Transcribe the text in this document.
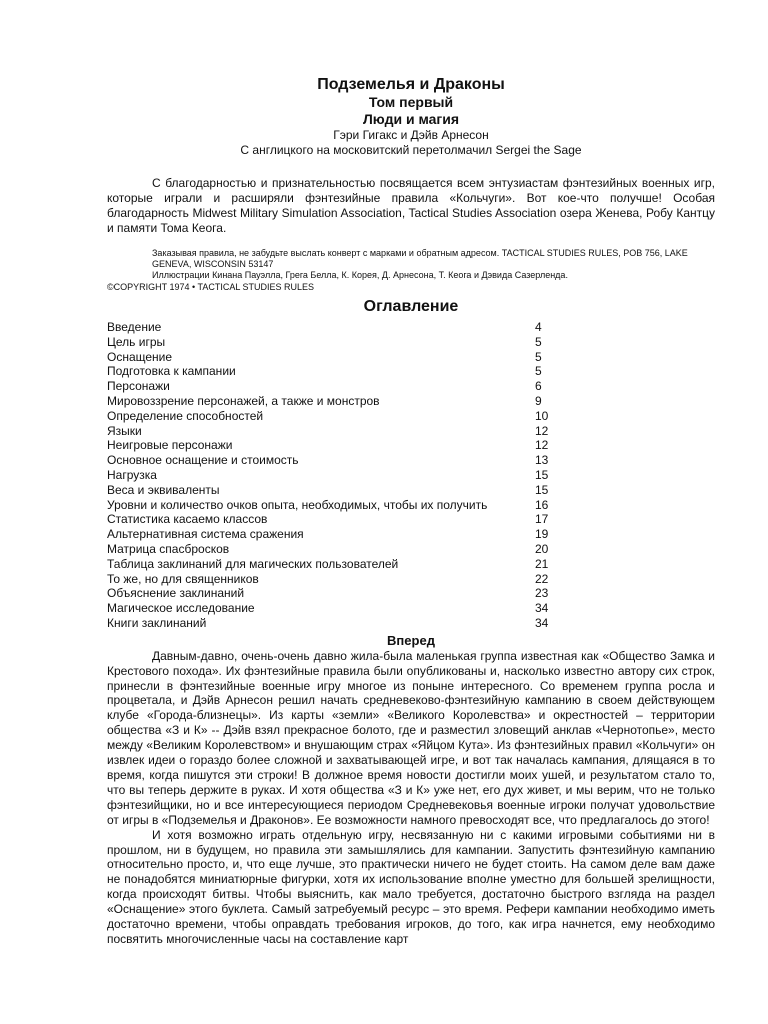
Подземелья и Драконы

Том первый

Люди и магия

Гэри Гигакс и Дэйв Арнесон

С англицкого на московитский перетолмачил Sergei the Sage

С благодарностью и признательностью посвящается всем энтузиастам фэнтезийных военных игр, которые играли и расширяли фэнтезийные правила «Кольчуги». Вот кое-что получше! Особая благодарность Midwest Military Simulation Association, Tactical Studies Association озера Женева, Робу Кантцу и памяти Тома Кеога.

Заказывая правила, не забудьте выслать конверт с марками и обратным адресом. TACTICAL STUDIES RULES, POB 756, LAKE GENEVA, WISCONSIN 53147

Иллюстрации Кинана Пауэлла, Грега Белла, К. Корея, Д. Арнесона, Т. Кеога и Дэвида Сазерленда.

©COPYRIGHT 1974 • TACTICAL STUDIES RULES

Оглавление

Введение	4
Цель игры	5
Оснащение	5
Подготовка к кампании	5
Персонажи	6
Мировоззрение персонажей, а также и монстров	9
Определение способностей	10
Языки	12
Неигровые персонажи	12
Основное оснащение и стоимость	13
Нагрузка	15
Веса и эквиваленты	15
Уровни и количество очков опыта, необходимых, чтобы их получить	16
Статистика касаемо классов	17
Альтернативная система сражения	19
Матрица спасбросков	20
Таблица заклинаний для магических пользователей	21
То же, но для священников	22
Объяснение заклинаний	23
Магическое исследование	34
Книги заклинаний	34

Вперед

Давным-давно, очень-очень давно жила-была маленькая группа известная как «Общество Замка и Крестового похода». Их фэнтезийные правила были опубликованы и, насколько известно автору сих строк, принесли в фэнтезийные военные игру многое из поныне интересного. Со временем группа росла и процветала, и Дэйв Арнесон решил начать средневеково-фэнтезийную кампанию в своем действующем клубе «Города-близнецы». Из карты «земли» «Великого Королевства» и окрестностей – территории общества «З и К» -- Дэйв взял прекрасное болото, где и разместил зловещий анклав «Чернотопье», место между «Великим Королевством» и внушающим страх «Яйцом Кута». Из фэнтезийных правил «Кольчуги» он извлек идеи о гораздо более сложной и захватывающей игре, и вот так началась кампания, длящаяся в то время, когда пишутся эти строки! В должное время новости достигли моих ушей, и результатом стало то, что вы теперь держите в руках. И хотя общества «З и К» уже нет, его дух живет, и мы верим, что не только фэнтезийщики, но и все интересующиеся периодом Средневековья военные игроки получат удовольствие от игры в «Подземелья и Драконов». Ее возможности намного превосходят все, что предлагалось до этого!

И хотя возможно играть отдельную игру, несвязанную ни с какими игровыми событиями ни в прошлом, ни в будущем, но правила эти замышлялись для кампании. Запустить фэнтезийную кампанию относительно просто, и, что еще лучше, это практически ничего не будет стоить. На самом деле вам даже не понадобятся миниатюрные фигурки, хотя их использование вполне уместно для большей зрелищности, когда происходят битвы. Чтобы выяснить, как мало требуется, достаточно быстрого взгляда на раздел «Оснащение» этого буклета. Самый затребуемый ресурс – это время. Рефери кампании необходимо иметь достаточно времени, чтобы оправдать требования игроков, до того, как игра начнется, ему необходимо посвятить многочисленные часы на составление карт
